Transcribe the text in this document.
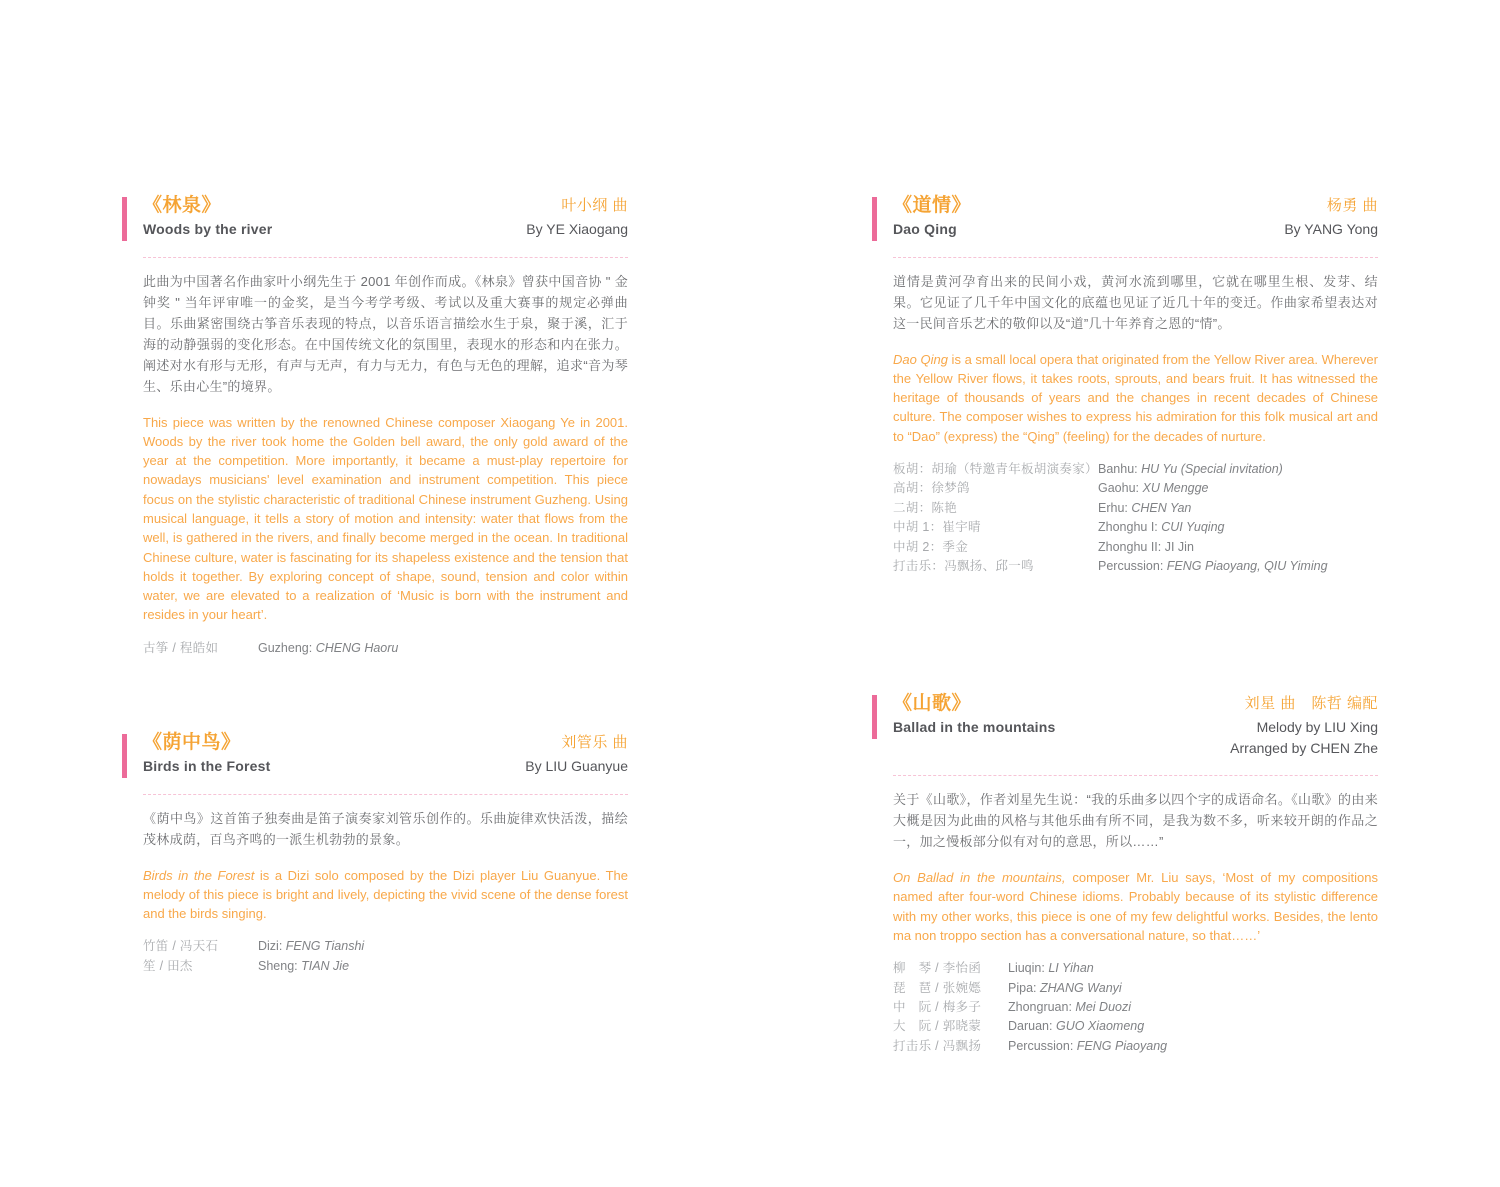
《林泉》
Woods by the river
叶小纲 曲
By YE Xiaogang

此曲为中国著名作曲家叶小纲先生于 2001 年创作而成。《林泉》曾获中国音协 " 金钟奖 " 当年评审唯一的金奖，是当今考学考级、考试以及重大赛事的规定必弹曲目。乐曲紧密围绕古筝音乐表现的特点，以音乐语言描绘水生于泉，聚于溪，汇于海的动静强弱的变化形态。在中国传统文化的氛围里，表现水的形态和内在张力。阐述对水有形与无形，有声与无声，有力与无力，有色与无色的理解，追求“音为琴生、乐由心生”的境界。

This piece was written by the renowned Chinese composer Xiaogang Ye in 2001. Woods by the river took home the Golden bell award, the only gold award of the year at the competition. More importantly, it became a must-play repertoire for nowadays musicians' level examination and instrument competition. This piece focus on the stylistic characteristic of traditional Chinese instrument Guzheng. Using musical language, it tells a story of motion and intensity: water that flows from the well, is gathered in the rivers, and finally become merged in the ocean. In traditional Chinese culture, water is fascinating for its shapeless existence and the tension that holds it together. By exploring concept of shape, sound, tension and color within water, we are elevated to a realization of ‘Music is born with the instrument and resides in your heart’.

古筝 / 程皓如	Guzheng: CHENG Haoru
《荫中鸟》
Birds in the Forest
刘管乐 曲
By LIU Guanyue

《荫中鸟》这首笛子独奏曲是笛子演奏家刘管乐创作的。乐曲旋律欢快活泼，描绘茂林成荫，百鸟齐鸣的一派生机勃勃的景象。

Birds in the Forest is a Dizi solo composed by the Dizi player Liu Guanyue. The melody of this piece is bright and lively, depicting the vivid scene of the dense forest and the birds singing.

竹笛 / 冯天石	Dizi: FENG Tianshi
笙 / 田杰	Sheng: TIAN Jie
《道情》
Dao Qing
杨勇 曲
By YANG Yong

道情是黄河孕育出来的民间小戏，黄河水流到哪里，它就在哪里生根、发芽、结果。它见证了几千年中国文化的底蕴也见证了近几十年的变迁。作曲家希望表达对这一民间音乐艺术的敬仰以及“道”几十年养育之恩的“情”。

Dao Qing is a small local opera that originated from the Yellow River area. Wherever the Yellow River flows, it takes roots, sprouts, and bears fruit. It has witnessed the heritage of thousands of years and the changes in recent decades of Chinese culture. The composer wishes to express his admiration for this folk musical art and to “Dao” (express) the “Qing” (feeling) for the decades of nurture.

板胡：胡瑜（特邀青年板胡演奏家） Banhu: HU Yu (Special invitation)
高胡：徐梦鸽	Gaohu: XU Mengge
二胡：陈艳	Erhu: CHEN Yan
中胡 1：崔宇晴	Zhonghu I: CUI Yuqing
中胡 2：季金	Zhonghu II: JI Jin
打击乐：冯飘扬、邱一鸣	Percussion: FENG Piaoyang, QIU Yiming
《山歌》
Ballad in the mountains
刘星 曲　陈哲 编配
Melody by LIU Xing
Arranged by CHEN Zhe

关于《山歌》，作者刘星先生说：“我的乐曲多以四个字的成语命名。《山歌》的由来大概是因为此曲的风格与其他乐曲有所不同，是我为数不多，听来较开朗的作品之一，加之慢板部分似有对句的意思，所以……”

On Ballad in the mountains, composer Mr. Liu says, ‘Most of my compositions named after four-word Chinese idioms. Probably because of its stylistic difference with my other works, this piece is one of my few delightful works. Besides, the lento ma non troppo section has a conversational nature, so that……’

柳　琴 / 李怡函	Liuqin: LI Yihan
琵　琶 / 张婉嫕	Pipa: ZHANG Wanyi
中　阮 / 梅多子	Zhongruan: Mei Duozi
大　阮 / 郭晓蒙	Daruan: GUO Xiaomeng
打击乐 / 冯飘扬	Percussion: FENG Piaoyang
